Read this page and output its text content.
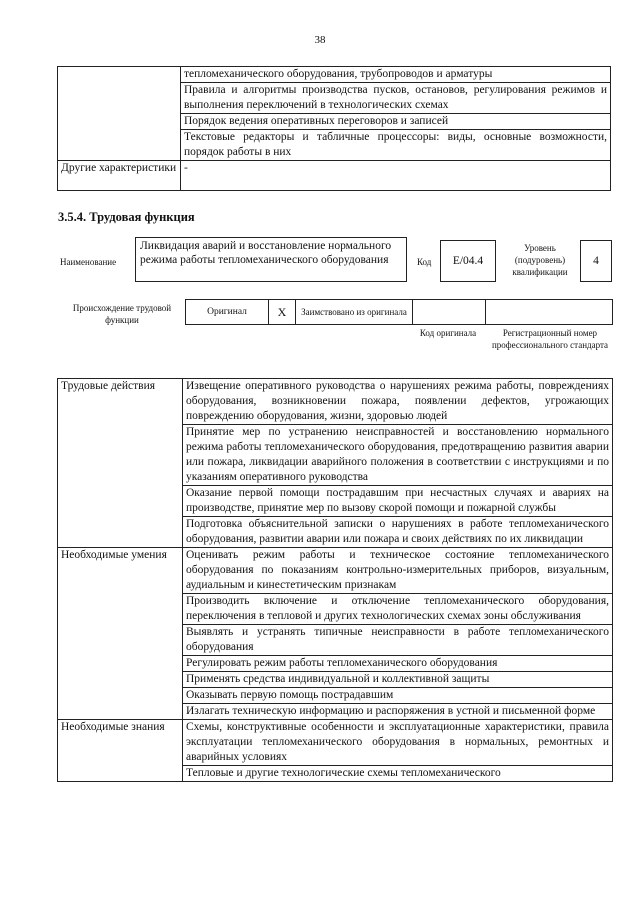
38
	тепломеханического оборудования, трубопроводов и арматуры
	Правила и алгоритмы производства пусков, остановов, регулирования режимов и выполнения переключений в технологических схемах
	Порядок ведения оперативных переговоров и записей
	Текстовые редакторы и табличные процессоры: виды, основные возможности, порядок работы в них
Другие характеристики	-
3.5.4. Трудовая функция
Наименование
Ликвидация аварий и восстановление нормального режима работы тепломеханического оборудования	Код	E/04.4
Уровень (подуровень) квалификации
4
Происхождение трудовой функции
Оригинал	X	Заимствовано из оригинала		
Код оригинала	Регистрационный номер профессионального стандарта
Трудовые действия	Извещение оперативного руководства о нарушениях режима работы, повреждениях оборудования, возникновении пожара, появлении дефектов, угрожающих повреждению оборудования, жизни, здоровью людей
	Принятие мер по устранению неисправностей и восстановлению нормального режима работы тепломеханического оборудования, предотвращению развития аварии или пожара, ликвидации аварийного положения в соответствии с инструкциями и по указаниям оперативного руководства
	Оказание первой помощи пострадавшим при несчастных случаях и авариях на производстве, принятие мер по вызову скорой помощи и пожарной службы
	Подготовка объяснительной записки о нарушениях в работе тепломеханического оборудования, развитии аварии или пожара и своих действиях по их ликвидации
Необходимые умения	Оценивать режим работы и техническое состояние тепломеханического оборудования по показаниям контрольно-измерительных приборов, визуальным, аудиальным и кинестетическим признакам
	Производить включение и отключение тепломеханического оборудования, переключения в тепловой и других технологических схемах зоны обслуживания
	Выявлять и устранять типичные неисправности в работе тепломеханического оборудования
	Регулировать режим работы тепломеханического оборудования
	Применять средства индивидуальной и коллективной защиты
	Оказывать первую помощь пострадавшим
	Излагать техническую информацию и распоряжения в устной и письменной форме
Необходимые знания	Схемы, конструктивные особенности и эксплуатационные характеристики, правила эксплуатации тепломеханического оборудования в нормальных, ремонтных и аварийных условиях
	Тепловые и другие технологические схемы тепломеханического
